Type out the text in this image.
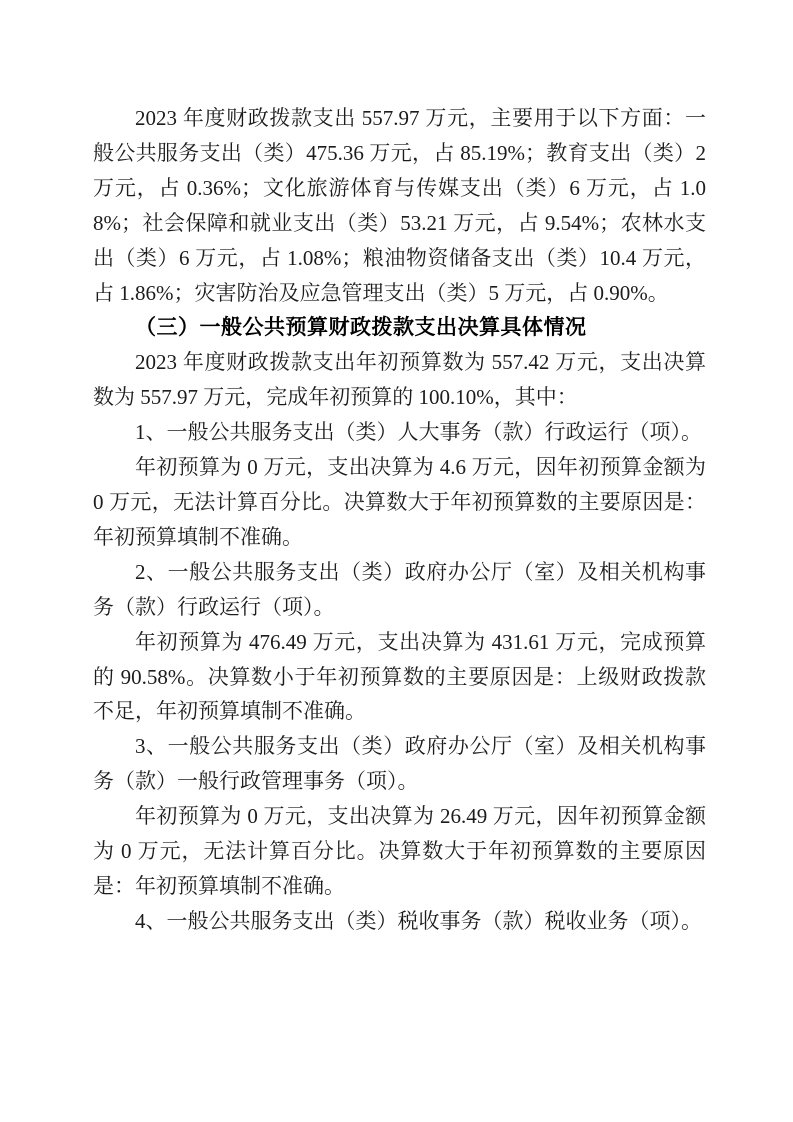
2023 年度财政拨款支出 557.97 万元，主要用于以下方面：一般公共服务支出（类）475.36 万元，占 85.19%；教育支出（类）2 万元，占 0.36%；文化旅游体育与传媒支出（类）6 万元，占 1.08%；社会保障和就业支出（类）53.21 万元，占 9.54%；农林水支出（类）6 万元，占 1.08%；粮油物资储备支出（类）10.4 万元，占 1.86%；灾害防治及应急管理支出（类）5 万元，占 0.90%。

（三）一般公共预算财政拨款支出决算具体情况

2023 年度财政拨款支出年初预算数为 557.42 万元，支出决算数为 557.97 万元，完成年初预算的 100.10%，其中：

1、一般公共服务支出（类）人大事务（款）行政运行（项）。

年初预算为 0 万元，支出决算为 4.6 万元，因年初预算金额为 0 万元，无法计算百分比。决算数大于年初预算数的主要原因是：年初预算填制不准确。

2、一般公共服务支出（类）政府办公厅（室）及相关机构事务（款）行政运行（项）。

年初预算为 476.49 万元，支出决算为 431.61 万元，完成预算的 90.58%。决算数小于年初预算数的主要原因是：上级财政拨款不足，年初预算填制不准确。

3、一般公共服务支出（类）政府办公厅（室）及相关机构事务（款）一般行政管理事务（项）。

年初预算为 0 万元，支出决算为 26.49 万元，因年初预算金额为 0 万元，无法计算百分比。决算数大于年初预算数的主要原因是：年初预算填制不准确。

4、一般公共服务支出（类）税收事务（款）税收业务（项）。
